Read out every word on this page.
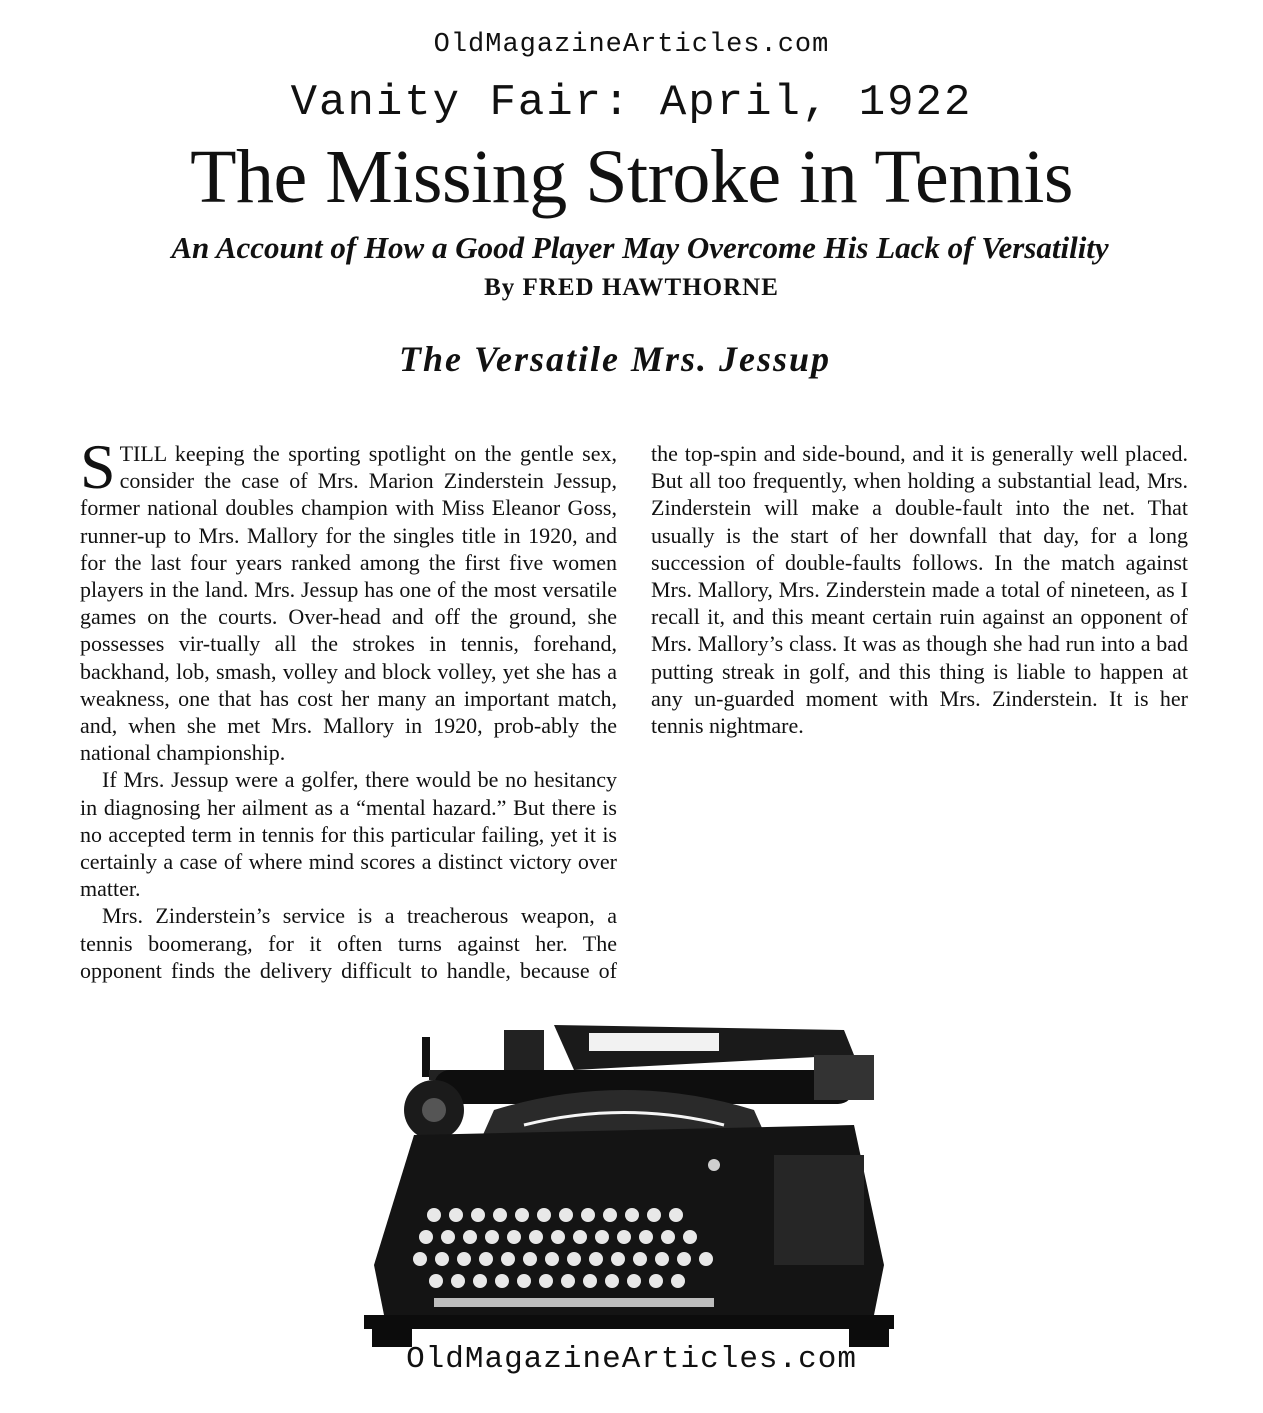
OldMagazineArticles.com
Vanity Fair: April, 1922
The Missing Stroke in Tennis
An Account of How a Good Player May Overcome His Lack of Versatility
By FRED HAWTHORNE
The Versatile Mrs. Jessup

STILL keeping the sporting spotlight on the gentle sex, consider the case of Mrs. Marion Zinderstein Jessup, former national doubles champion with Miss Eleanor Goss, runner-up to Mrs. Mallory for the singles title in 1920, and for the last four years ranked among the first five women players in the land. Mrs. Jessup has one of the most versatile games on the courts. Over-head and off the ground, she possesses vir-tually all the strokes in tennis, forehand, backhand, lob, smash, volley and block volley, yet she has a weakness, one that has cost her many an important match, and, when she met Mrs. Mallory in 1920, prob-ably the national championship.

If Mrs. Jessup were a golfer, there would be no hesitancy in diagnosing her ailment as a “mental hazard.” But there is no accepted term in tennis for this particular failing, yet it is certainly a case of where mind scores a distinct victory over matter.

Mrs. Zinderstein’s service is a treacherous weapon, a tennis boomerang, for it often turns against her. The opponent finds the delivery difficult to handle, because of the top-spin and side-bound, and it is generally well placed. But all too frequently, when holding a substantial lead, Mrs. Zinderstein will make a double-fault into the net. That usually is the start of her downfall that day, for a long succession of double-faults follows. In the match against Mrs. Mallory, Mrs. Zinderstein made a total of nineteen, as I recall it, and this meant certain ruin against an opponent of Mrs. Mallory’s class. It was as though she had run into a bad putting streak in golf, and this thing is liable to happen at any un-guarded moment with Mrs. Zinderstein. It is her tennis nightmare.

OldMagazineArticles.com
